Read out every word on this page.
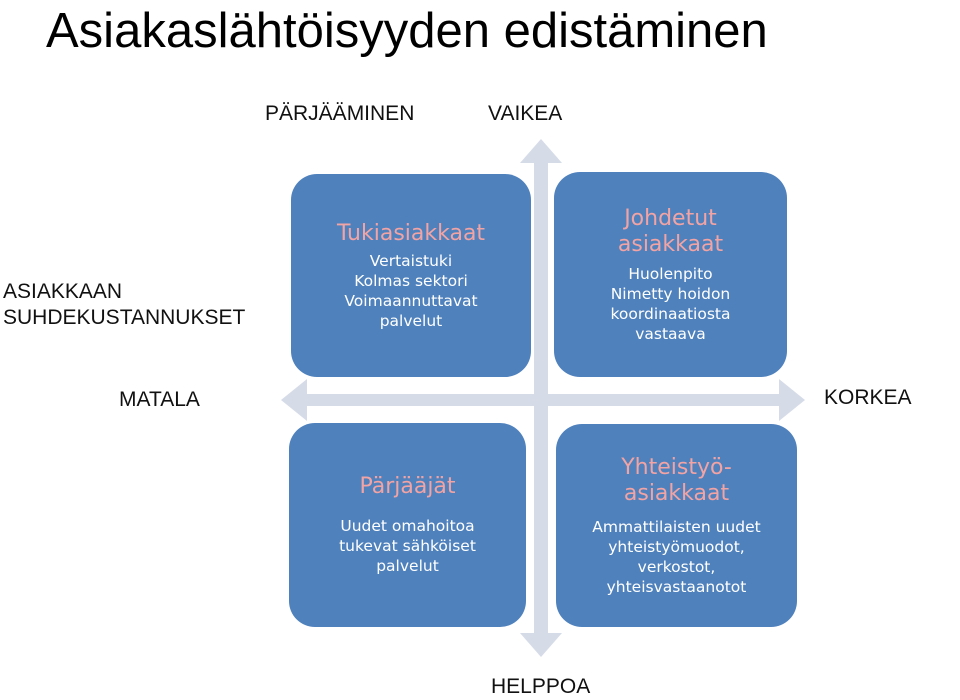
Asiakaslähtöisyyden edistäminen
PÄRJÄÄMINEN	VAIKEA
HELPPOA
ASIAKKAAN
SUHDEKUSTANNUKSET
MATALA	KORKEA
Tukiasiakkaat
Vertaistuki
Kolmas sektori
Voimaannuttavat
palvelut
Johdetut
asiakkaat
Huolenpito
Nimetty hoidon
koordinaatiosta
vastaava
Pärjääjät
Uudet omahoitoa
tukevat sähköiset
palvelut
Yhteistyö-
asiakkaat
Ammattilaisten uudet
yhteistyömuodot,
verkostot,
yhteisvastaanotot
